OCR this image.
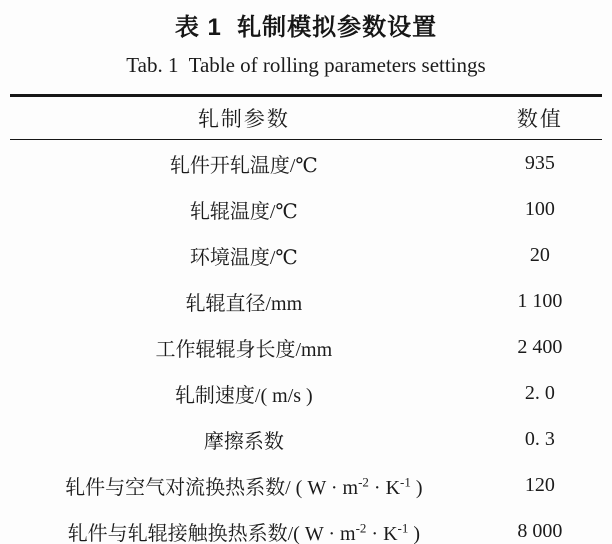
表 1  轧制模拟参数设置
Tab. 1  Table of rolling parameters settings
轧制参数	数值
轧件开轧温度/℃	935
轧辊温度/℃	100
环境温度/℃	20
轧辊直径/mm	1 100
工作辊辊身长度/mm	2 400
轧制速度/( m/s )	2. 0
摩擦系数	0. 3
轧件与空气对流换热系数/ ( $W \cdot m^{-2} \cdot K^{-1}$ )	120
轧件与轧辊接触换热系数/( $W \cdot m^{-2} \cdot K^{-1}$ )	8 000
